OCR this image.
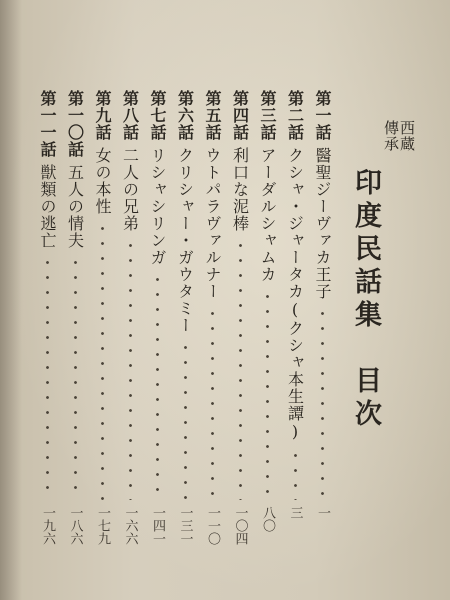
西蔵
傳承
印度民話集　目次
第一話醫聖ジーヴァカ王子
一
第二話クシャ・ジャータカ(クシャ本生譚)
三
第三話アーダルシャムカ
八〇
第四話利口な泥棒
一〇四
第五話ウトパラヴァルナー
一一〇
第六話クリシャー・ガウタミー
一三一
第七話リシャシリンガ
一四一
第八話二人の兄弟
一六六
第九話女の本性
一七九
第一〇話五人の情夫
一八六
第一一話獣類の逃亡
一九六
